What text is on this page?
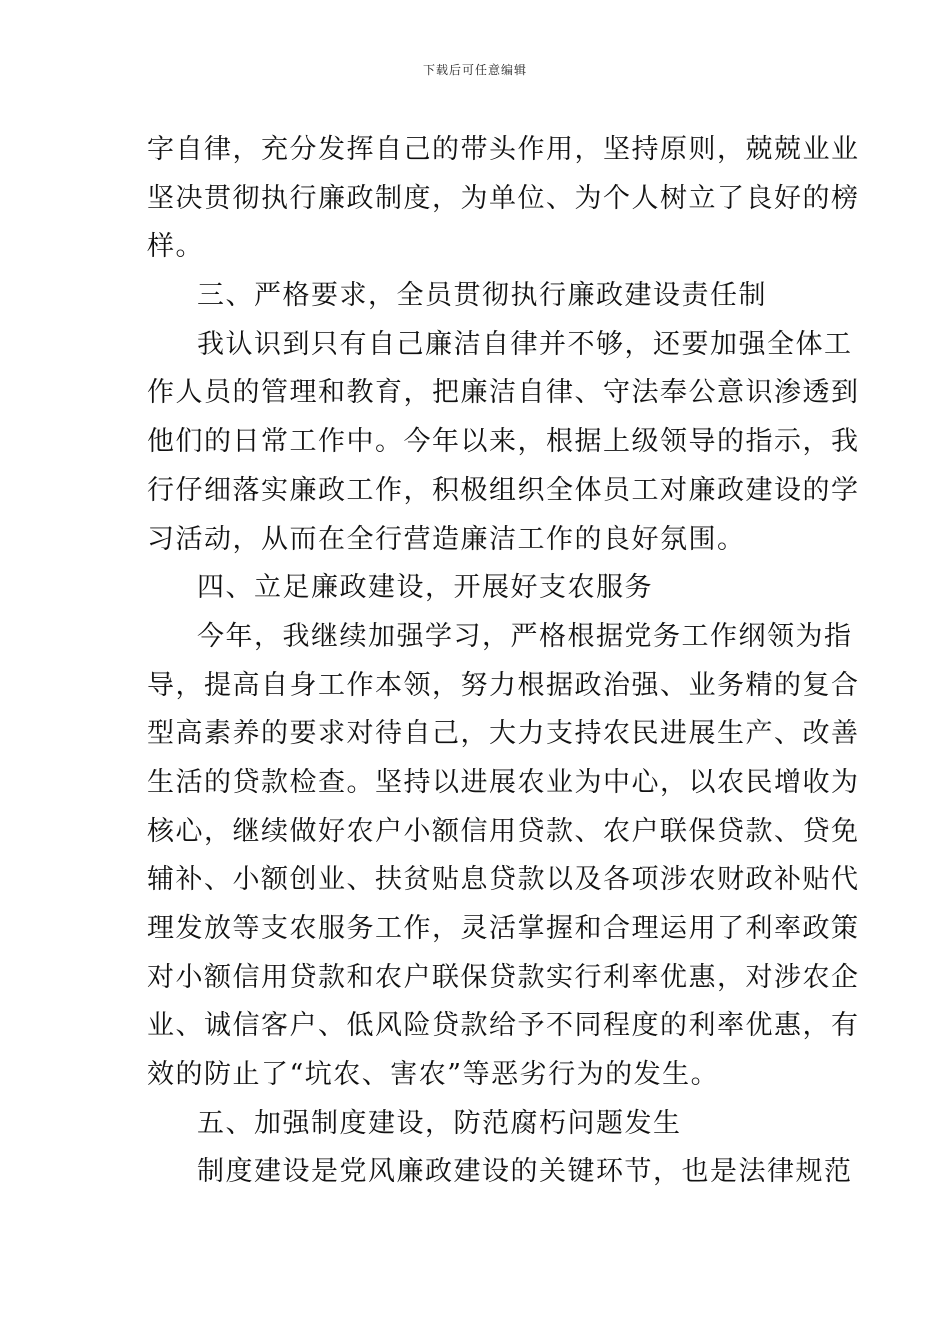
下载后可任意编辑
字自律，充分发挥自己的带头作用，坚持原则，兢兢业业
坚决贯彻执行廉政制度，为单位、为个人树立了良好的榜
样。
三、严格要求，全员贯彻执行廉政建设责任制
我认识到只有自己廉洁自律并不够，还要加强全体工
作人员的管理和教育，把廉洁自律、守法奉公意识渗透到
他们的日常工作中。今年以来，根据上级领导的指示，我
行仔细落实廉政工作，积极组织全体员工对廉政建设的学
习活动，从而在全行营造廉洁工作的良好氛围。
四、立足廉政建设，开展好支农服务
今年，我继续加强学习，严格根据党务工作纲领为指
导，提高自身工作本领，努力根据政治强、业务精的复合
型高素养的要求对待自己，大力支持农民进展生产、改善
生活的贷款检查。坚持以进展农业为中心，以农民增收为
核心，继续做好农户小额信用贷款、农户联保贷款、贷免
辅补、小额创业、扶贫贴息贷款以及各项涉农财政补贴代
理发放等支农服务工作，灵活掌握和合理运用了利率政策
对小额信用贷款和农户联保贷款实行利率优惠，对涉农企
业、诚信客户、低风险贷款给予不同程度的利率优惠，有
效的防止了“坑农、害农”等恶劣行为的发生。
五、加强制度建设，防范腐朽问题发生
制度建设是党风廉政建设的关键环节，也是法律规范
